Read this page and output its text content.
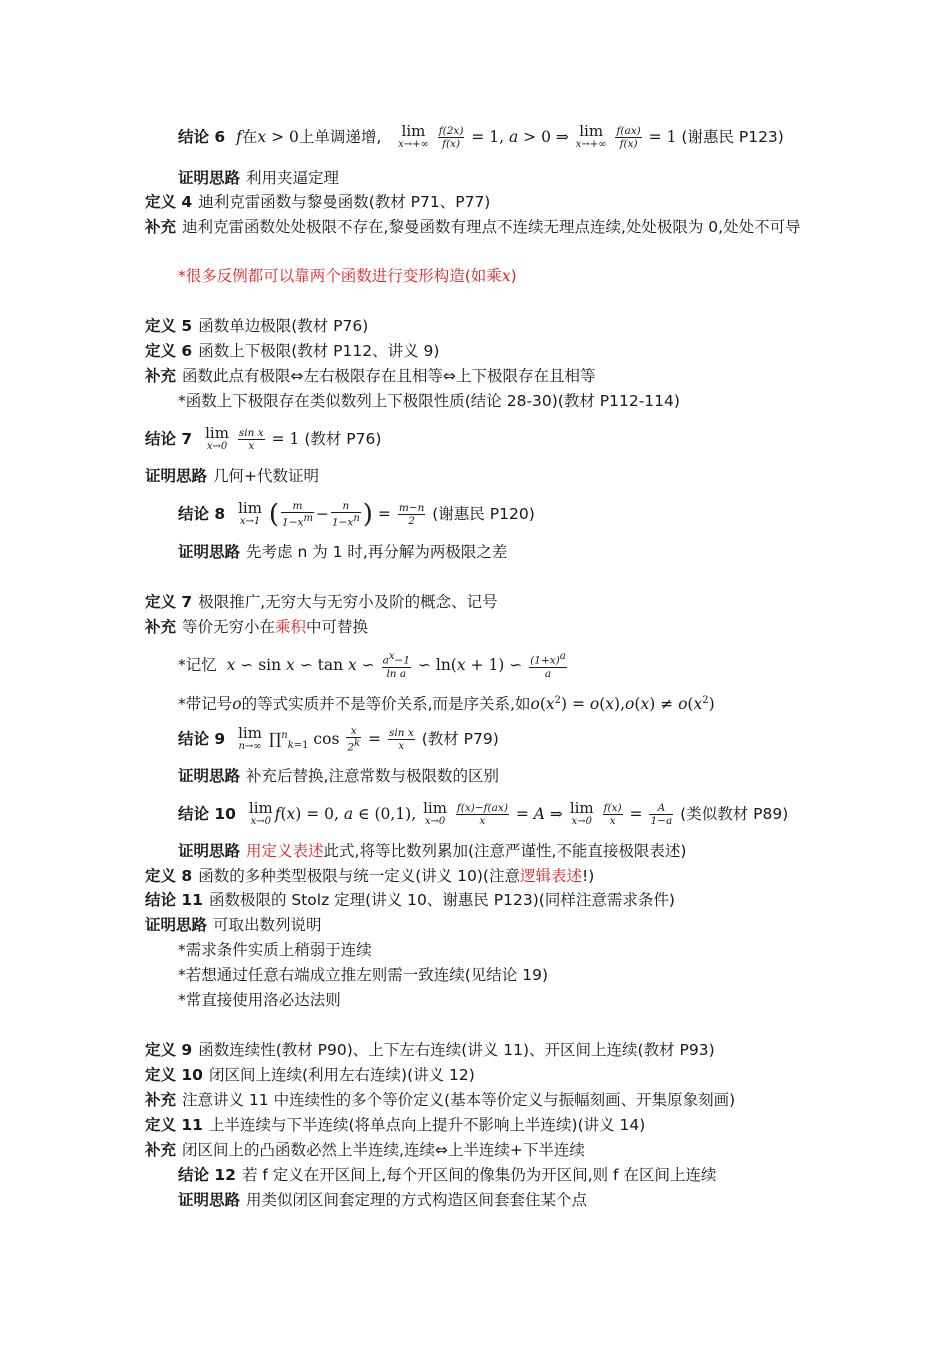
结论 6 f在x > 0上单调递增, lim
x→+∞
$\frac{f(2x)}{f(x)} = 1$, a > 0 ⇒ lim
x→+∞
$\frac{f(ax)}{f(x)} = 1$ (谢惠民 P123)
证明思路 利用夹逼定理
定义 4 迪利克雷函数与黎曼函数(教材 P71、P77)
补充 迪利克雷函数处处极限不存在,黎曼函数有理点不连续无理点连续,处处极限为 0,处处不可导
*很多反例都可以靠两个函数进行变形构造(如乘x)
定义 5 函数单边极限(教材 P76)
定义 6 函数上下极限(教材 P112、讲义 9)
补充 函数此点有极限⇔左右极限存在且相等⇔上下极限存在且相等
*函数上下极限存在类似数列上下极限性质(结论 28-30)(教材 P112-114)
结论 7 lim
x→0
$\frac{\text{sin x}}{x} = 1$ (教材 P76)
证明思路 几何+代数证明
结论 8 lim
x→1 ( $\frac{m}{1-x^m} - \frac{n}{1-x^n}$ ) = $\frac{m-n}{2}$ (谢惠民 P120)
证明思路 先考虑 n 为 1 时,再分解为两极限之差
定义 7 极限推广,无穷大与无穷小及阶的概念、记号
补充 等价无穷小在乘积中可替换
*记忆 x ∽ sin x ∽ tan x ∽ $\frac{a^x-1}{\text{ln a}}$ ∽ ln(x + 1) ∽ $\frac{(1+x)^a}{a}$
*带记号o的等式实质并不是等价关系,而是序关系,如$o(x^2) = o(x),o(x) \ne o(x^2)$
结论 9 lim
n→∞ ∏$^n_{k=1}$ $\cos \frac{x}{2^k} = \frac{\text{sin x}}{x}$ (教材 P79)
证明思路 补充后替换,注意常数与极限数的区别
结论 10 lim
x→0 f(x) = 0, a ∈ (0,1), lim
x→0
$\frac{f(x)-f(ax)}{x} = A$ ⇒ lim
x→0
$\frac{f(x)}{x} = \frac{A}{1-a}$ (类似教材 P89)
证明思路 用定义表述此式,将等比数列累加(注意严谨性,不能直接极限表述)
定义 8 函数的多种类型极限与统一定义(讲义 10)(注意逻辑表述!)
结论 11 函数极限的 Stolz 定理(讲义 10、谢惠民 P123)(同样注意需求条件)
证明思路 可取出数列说明
*需求条件实质上稍弱于连续
*若想通过任意右端成立推左则需一致连续(见结论 19)
*常直接使用洛必达法则
定义 9 函数连续性(教材 P90)、上下左右连续(讲义 11)、开区间上连续(教材 P93)
定义 10 闭区间上连续(利用左右连续)(讲义 12)
补充 注意讲义 11 中连续性的多个等价定义(基本等价定义与振幅刻画、开集原象刻画)
定义 11 上半连续与下半连续(将单点向上提升不影响上半连续)(讲义 14)
补充 闭区间上的凸函数必然上半连续,连续⇔上半连续+下半连续
结论 12 若 f 定义在开区间上,每个开区间的像集仍为开区间,则 f 在区间上连续
证明思路 用类似闭区间套定理的方式构造区间套套住某个点
